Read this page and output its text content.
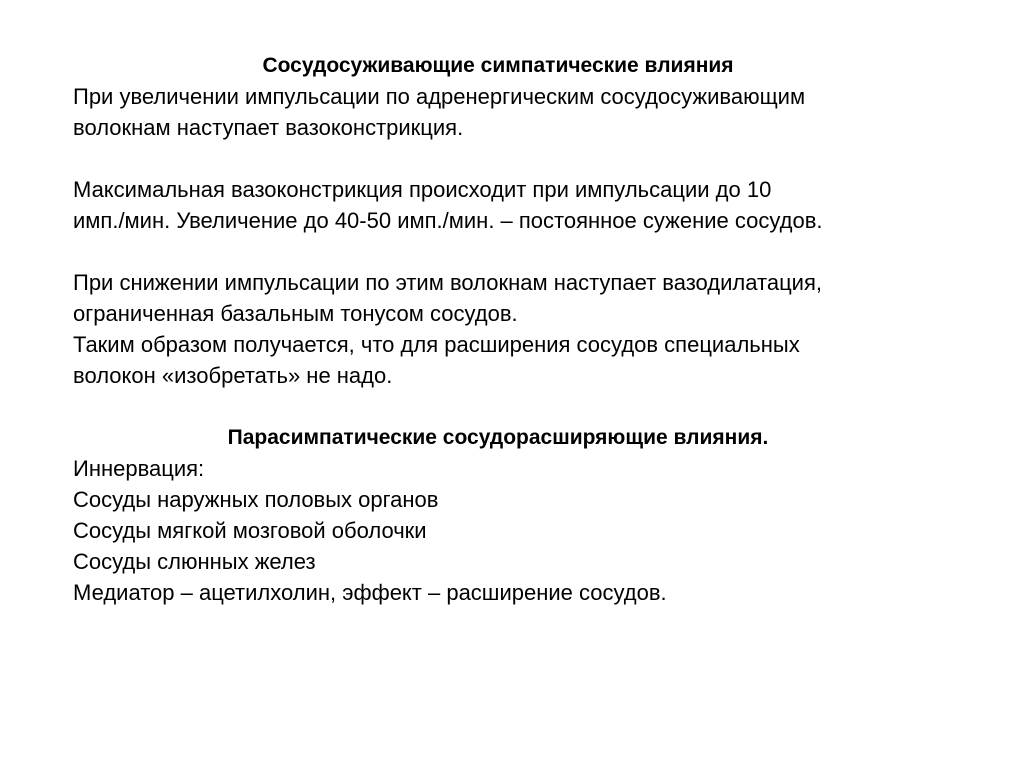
Сосудосуживающие симпатические влияния

При увеличении импульсации по адренергическим сосудосуживающим

волокнам наступает вазоконстрикция.

Максимальная вазоконстрикция происходит при импульсации до 10

имп./мин. Увеличение до 40-50 имп./мин. – постоянное сужение сосудов.

При снижении импульсации по этим волокнам наступает вазодилатация,

ограниченная базальным тонусом сосудов.

Таким образом получается, что для расширения сосудов специальных

волокон «изобретать» не надо.

Парасимпатические сосудорасширяющие влияния.

Иннервация:

Сосуды наружных половых органов

Сосуды мягкой мозговой оболочки

Сосуды слюнных желез

Медиатор – ацетилхолин, эффект – расширение сосудов.
